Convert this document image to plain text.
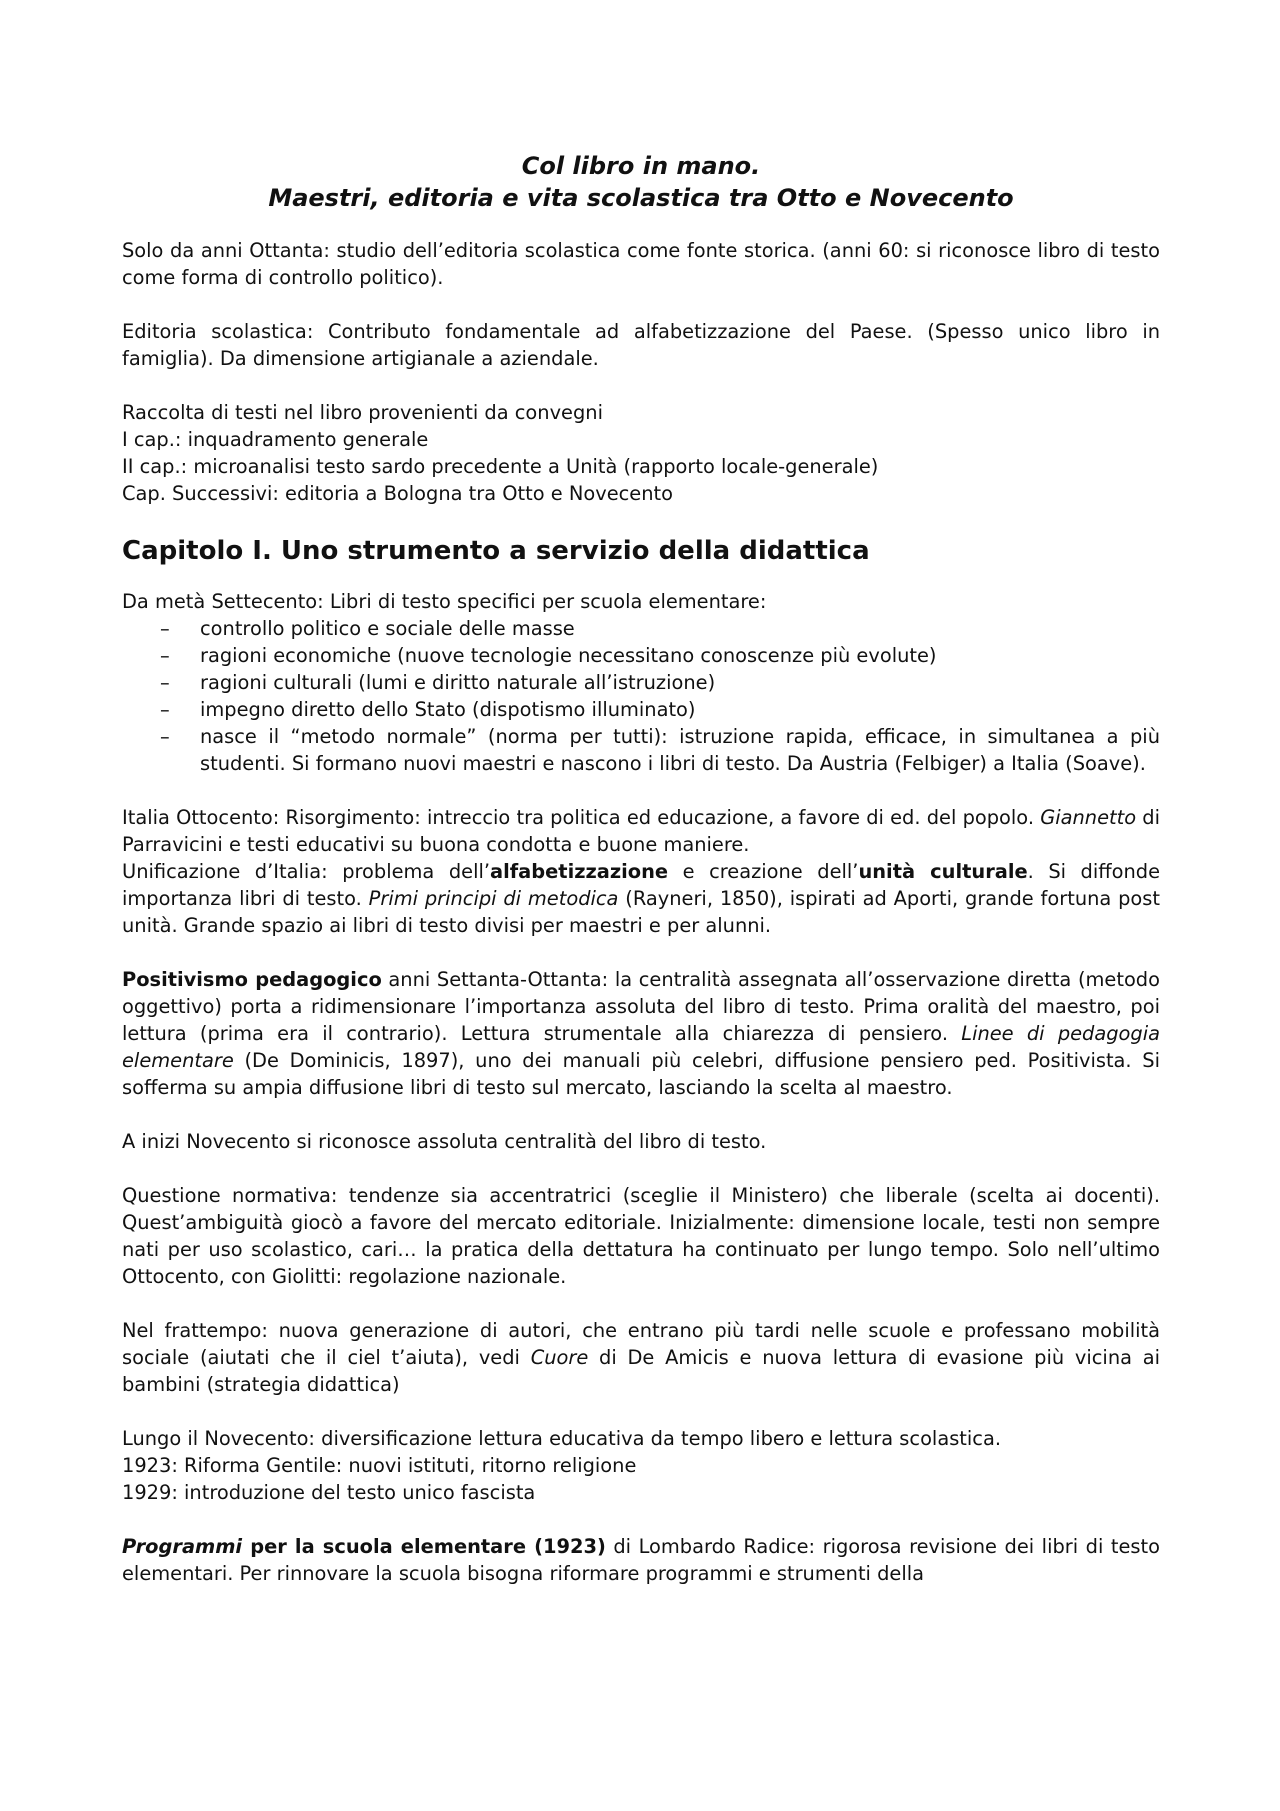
Col libro in mano.
Maestri, editoria e vita scolastica tra Otto e Novecento

Solo da anni Ottanta: studio dell’editoria scolastica come fonte storica. (anni 60: si riconosce libro di testo come forma di controllo politico).

Editoria scolastica: Contributo fondamentale ad alfabetizzazione del Paese. (Spesso unico libro in famiglia). Da dimensione artigianale a aziendale.

Raccolta di testi nel libro provenienti da convegni
I cap.: inquadramento generale
II cap.: microanalisi testo sardo precedente a Unità (rapporto locale-generale)
Cap. Successivi: editoria a Bologna tra Otto e Novecento

Capitolo I. Uno strumento a servizio della didattica

Da metà Settecento: Libri di testo specifici per scuola elementare:

– controllo politico e sociale delle masse
– ragioni economiche (nuove tecnologie necessitano conoscenze più evolute)
– ragioni culturali (lumi e diritto naturale all’istruzione)
– impegno diretto dello Stato (dispotismo illuminato)
– nasce il “metodo normale” (norma per tutti): istruzione rapida, efficace, in simultanea a più studenti. Si formano nuovi maestri e nascono i libri di testo. Da Austria (Felbiger) a Italia (Soave).

Italia Ottocento: Risorgimento: intreccio tra politica ed educazione, a favore di ed. del popolo. Giannetto di Parravicini e testi educativi su buona condotta e buone maniere.
Unificazione d’Italia: problema dell’alfabetizzazione e creazione dell’unità culturale. Si diffonde importanza libri di testo. Primi principi di metodica (Rayneri, 1850), ispirati ad Aporti, grande fortuna post unità. Grande spazio ai libri di testo divisi per maestri e per alunni.

Positivismo pedagogico anni Settanta-Ottanta: la centralità assegnata all’osservazione diretta (metodo oggettivo) porta a ridimensionare l’importanza assoluta del libro di testo. Prima oralità del maestro, poi lettura (prima era il contrario). Lettura strumentale alla chiarezza di pensiero. Linee di pedagogia elementare (De Dominicis, 1897), uno dei manuali più celebri, diffusione pensiero ped. Positivista. Si sofferma su ampia diffusione libri di testo sul mercato, lasciando la scelta al maestro.

A inizi Novecento si riconosce assoluta centralità del libro di testo.

Questione normativa: tendenze sia accentratrici (sceglie il Ministero) che liberale (scelta ai docenti). Quest’ambiguità giocò a favore del mercato editoriale. Inizialmente: dimensione locale, testi non sempre nati per uso scolastico, cari… la pratica della dettatura ha continuato per lungo tempo. Solo nell’ultimo Ottocento, con Giolitti: regolazione nazionale.

Nel frattempo: nuova generazione di autori, che entrano più tardi nelle scuole e professano mobilità sociale (aiutati che il ciel t’aiuta), vedi Cuore di De Amicis e nuova lettura di evasione più vicina ai bambini (strategia didattica)

Lungo il Novecento: diversificazione lettura educativa da tempo libero e lettura scolastica.
1923: Riforma Gentile: nuovi istituti, ritorno religione
1929: introduzione del testo unico fascista

Programmi per la scuola elementare (1923) di Lombardo Radice: rigorosa revisione dei libri di testo elementari. Per rinnovare la scuola bisogna riformare programmi e strumenti della
